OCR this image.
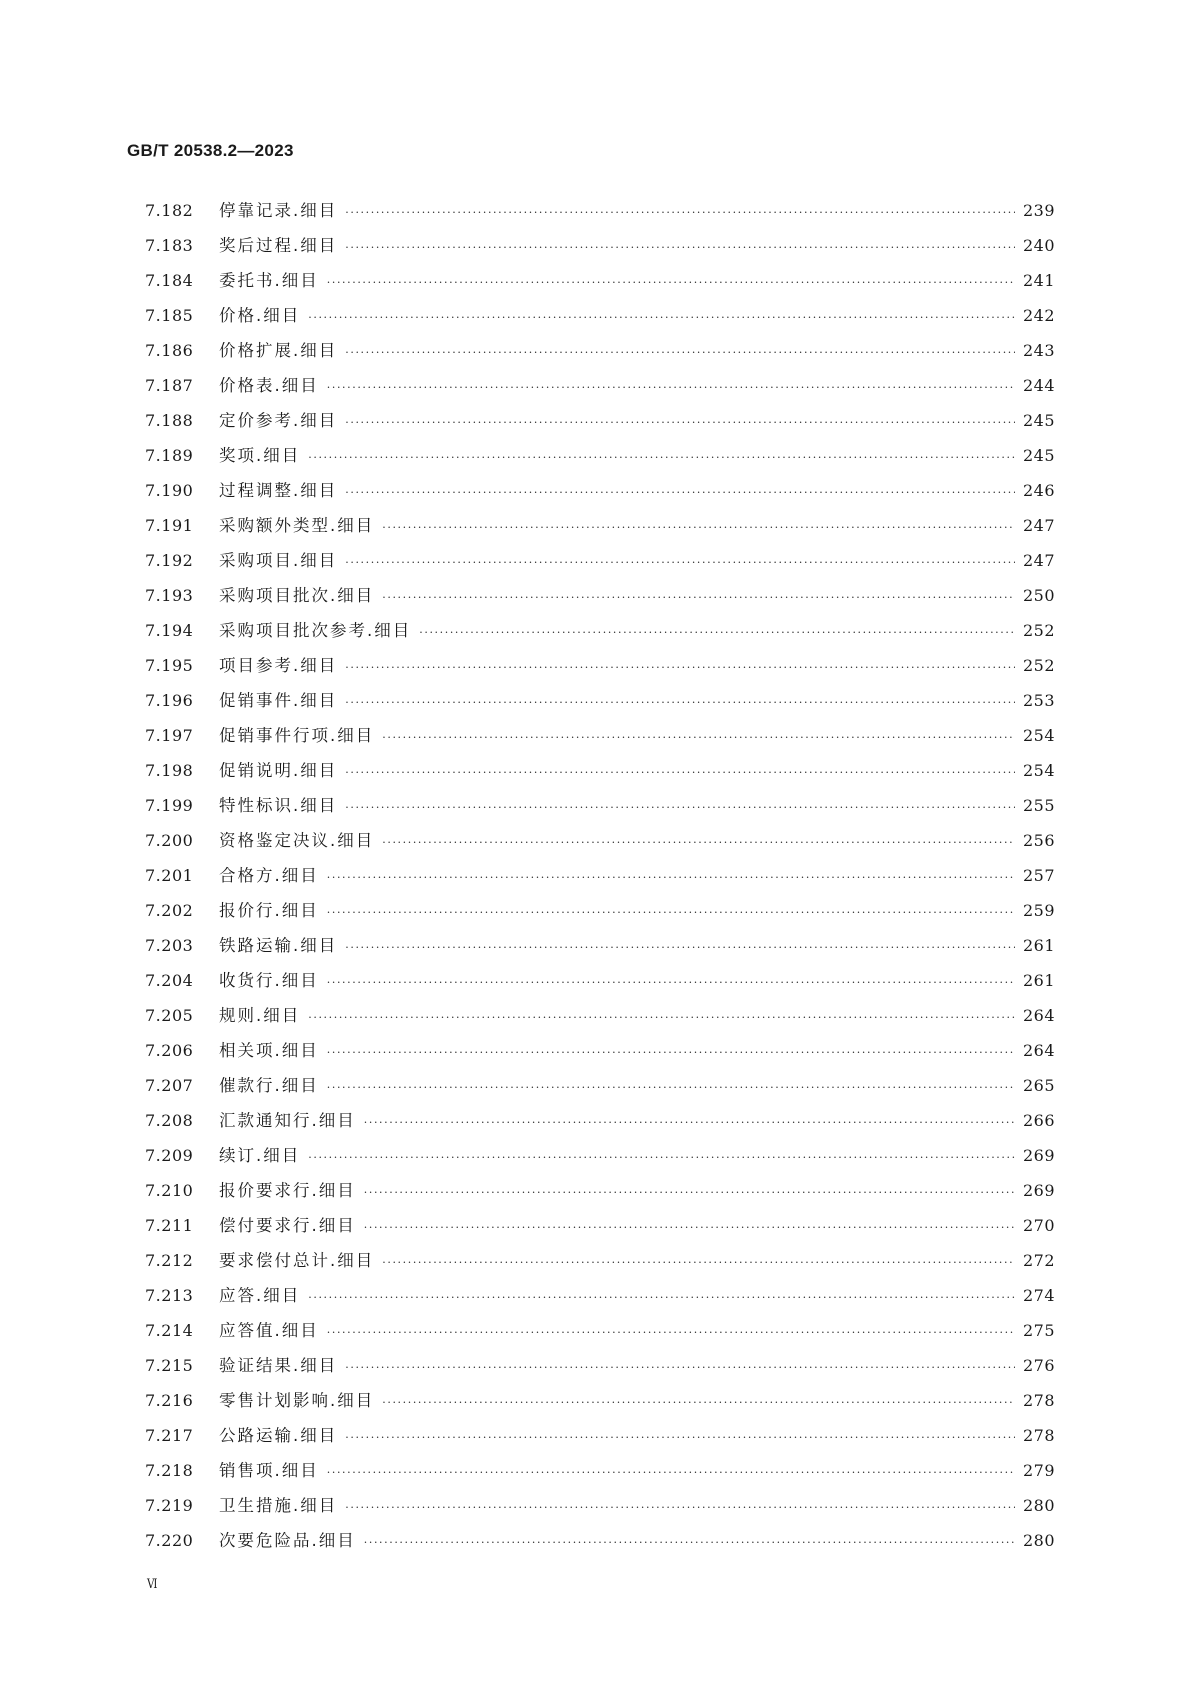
GB/T 20538.2—2023
7.182	停靠记录.细目 ·····	239
7.183	奖后过程.细目 ·····	240
7.184	委托书.细目 ·····	241
7.185	价格.细目 ·····	242
7.186	价格扩展.细目 ·····	243
7.187	价格表.细目 ·····	244
7.188	定价参考.细目 ·····	245
7.189	奖项.细目 ·····	245
7.190	过程调整.细目 ·····	246
7.191	采购额外类型.细目 ·····	247
7.192	采购项目.细目 ·····	247
7.193	采购项目批次.细目 ·····	250
7.194	采购项目批次参考.细目 ·····	252
7.195	项目参考.细目 ·····	252
7.196	促销事件.细目 ·····	253
7.197	促销事件行项.细目 ·····	254
7.198	促销说明.细目 ·····	254
7.199	特性标识.细目 ·····	255
7.200	资格鉴定决议.细目 ·····	256
7.201	合格方.细目 ·····	257
7.202	报价行.细目 ·····	259
7.203	铁路运输.细目 ·····	261
7.204	收货行.细目 ·····	261
7.205	规则.细目 ·····	264
7.206	相关项.细目 ·····	264
7.207	催款行.细目 ·····	265
7.208	汇款通知行.细目 ·····	266
7.209	续订.细目 ·····	269
7.210	报价要求行.细目 ·····	269
7.211	偿付要求行.细目 ·····	270
7.212	要求偿付总计.细目 ·····	272
7.213	应答.细目 ·····	274
7.214	应答值.细目 ·····	275
7.215	验证结果.细目 ·····	276
7.216	零售计划影响.细目 ·····	278
7.217	公路运输.细目 ·····	278
7.218	销售项.细目 ·····	279
7.219	卫生措施.细目 ·····	280
7.220	次要危险品.细目 ·····	280
Ⅵ
